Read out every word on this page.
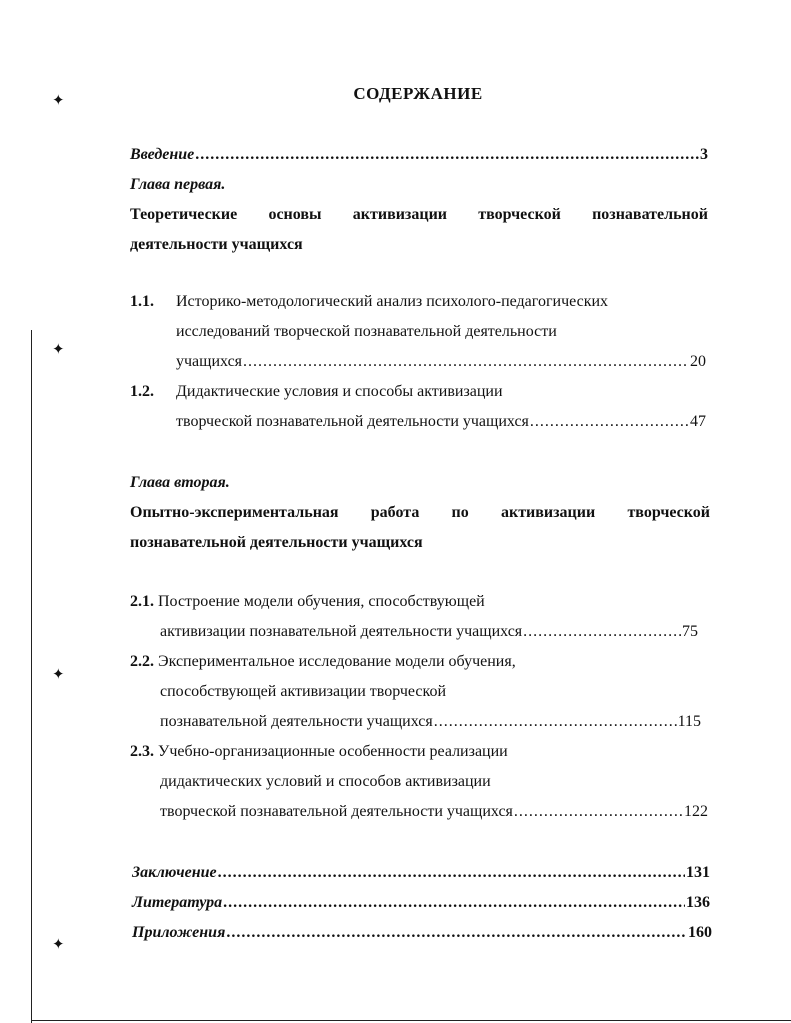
✦
✦
✦
✦
СОДЕРЖАНИЕ
Введение .....	3
Глава первая.
Теоретические основы активизации творческой познавательной
деятельности учащихся
1.1. Историко-методологический анализ психолого-педагогических
исследований творческой познавательной деятельности
учащихся .....	20
1.2. Дидактические условия и способы активизации
творческой познавательной деятельности учащихся .....	47
Глава вторая.
Опытно-экспериментальная работа по активизации творческой
познавательной деятельности учащихся
2.1. Построение модели обучения, способствующей
активизации познавательной деятельности учащихся .....	75
2.2. Экспериментальное исследование модели обучения,
способствующей активизации творческой
познавательной деятельности учащихся .....	115
2.3. Учебно-организационные особенности реализации
дидактических условий и способов активизации
творческой познавательной деятельности учащихся .....	122
Заключение .....	131
Литература .....	136
Приложения .....	160
